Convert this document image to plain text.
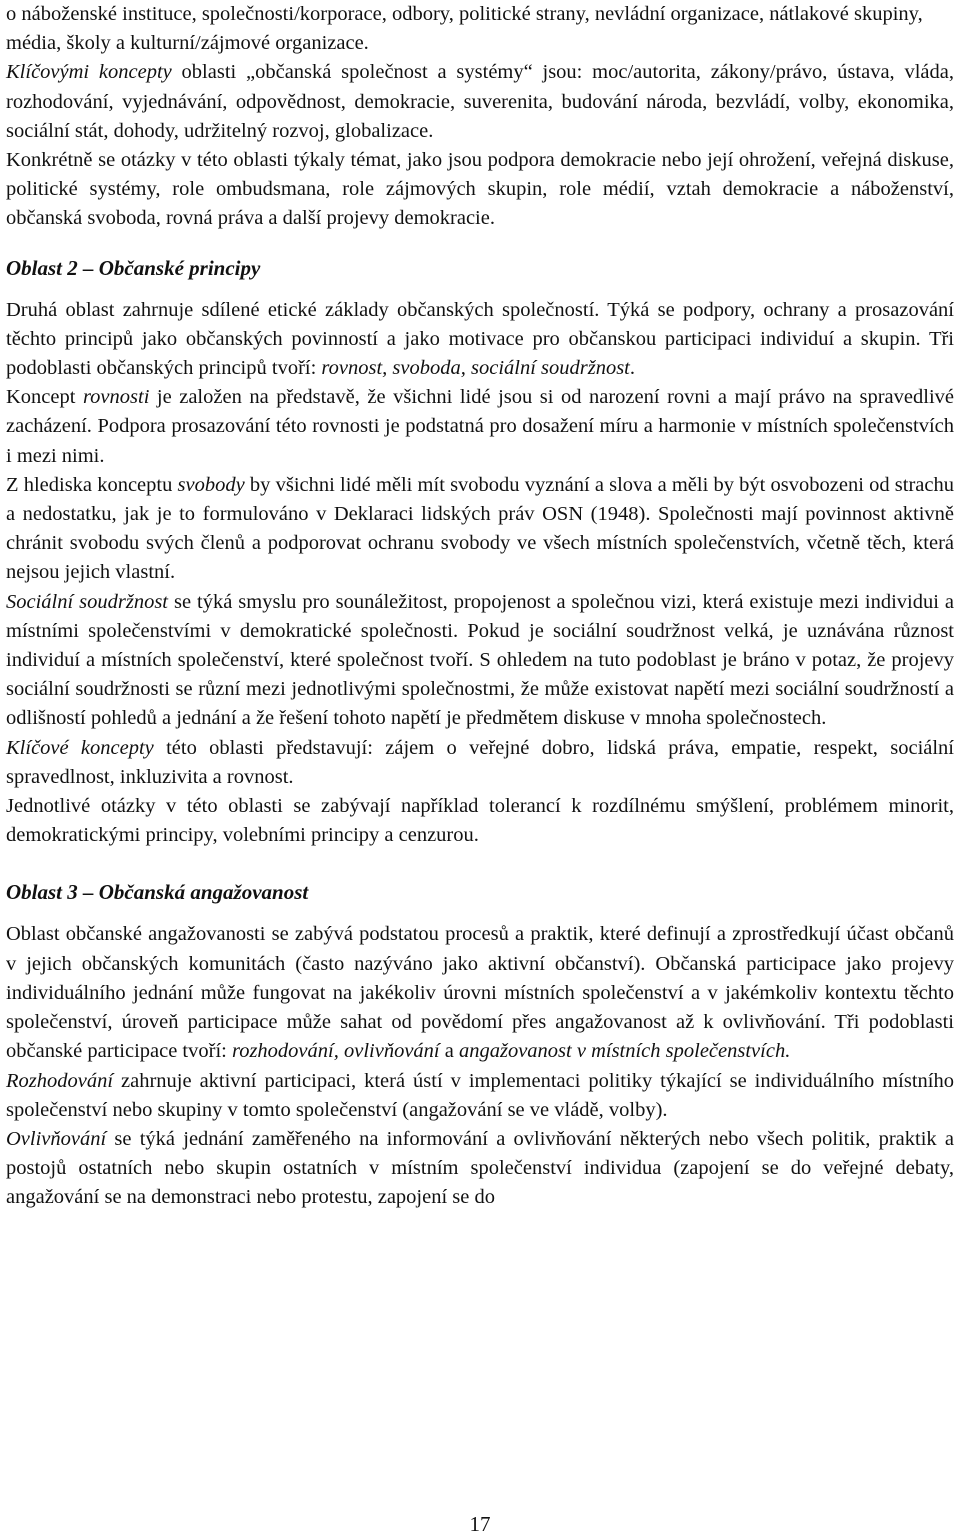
o náboženské instituce, společnosti/korporace, odbory, politické strany, nevládní organizace, nátlakové skupiny, média, školy a kulturní/zájmové organizace.

Klíčovými koncepty oblasti „občanská společnost a systémy“ jsou: moc/autorita, zákony/právo, ústava, vláda, rozhodování, vyjednávání, odpovědnost, demokracie, suverenita, budování národa, bezvládí, volby, ekonomika, sociální stát, dohody, udržitelný rozvoj, globalizace.

Konkrétně se otázky v této oblasti týkaly témat, jako jsou podpora demokracie nebo její ohrožení, veřejná diskuse, politické systémy, role ombudsmana, role zájmových skupin, role médií, vztah demokracie a náboženství, občanská svoboda, rovná práva a další projevy demokracie.

Oblast 2 – Občanské principy

Druhá oblast zahrnuje sdílené etické základy občanských společností. Týká se podpory, ochrany a prosazování těchto principů jako občanských povinností a jako motivace pro občanskou participaci individuí a skupin. Tři podoblasti občanských principů tvoří: rovnost, svoboda, sociální soudržnost.

Koncept rovnosti je založen na představě, že všichni lidé jsou si od narození rovni a mají právo na spravedlivé zacházení. Podpora prosazování této rovnosti je podstatná pro dosažení míru a harmonie v místních společenstvích i mezi nimi.

Z hlediska konceptu svobody by všichni lidé měli mít svobodu vyznání a slova a měli by být osvobozeni od strachu a nedostatku, jak je to formulováno v Deklaraci lidských práv OSN (1948). Společnosti mají povinnost aktivně chránit svobodu svých členů a podporovat ochranu svobody ve všech místních společenstvích, včetně těch, která nejsou jejich vlastní.

Sociální soudržnost se týká smyslu pro sounáležitost, propojenost a společnou vizi, která existuje mezi individui a místními společenstvími v demokratické společnosti. Pokud je sociální soudržnost velká, je uznávána různost individuí a místních společenství, které společnost tvoří. S ohledem na tuto podoblast je bráno v potaz, že projevy sociální soudržnosti se různí mezi jednotlivými společnostmi, že může existovat napětí mezi sociální soudržností a odlišností pohledů a jednání a že řešení tohoto napětí je předmětem diskuse v mnoha společnostech.

Klíčové koncepty této oblasti představují: zájem o veřejné dobro, lidská práva, empatie, respekt, sociální spravedlnost, inkluzivita a rovnost.

Jednotlivé otázky v této oblasti se zabývají například tolerancí k rozdílnému smýšlení, problémem minorit, demokratickými principy, volebními principy a cenzurou.

Oblast 3 – Občanská angažovanost

Oblast občanské angažovanosti se zabývá podstatou procesů a praktik, které definují a zprostředkují účast občanů v jejich občanských komunitách (často nazýváno jako aktivní občanství). Občanská participace jako projevy individuálního jednání může fungovat na jakékoliv úrovni místních společenství a v jakémkoliv kontextu těchto společenství, úroveň participace může sahat od povědomí přes angažovanost až k ovlivňování. Tři podoblasti občanské participace tvoří: rozhodování, ovlivňování a angažovanost v místních společenstvích.

Rozhodování zahrnuje aktivní participaci, která ústí v implementaci politiky týkající se individuálního místního společenství nebo skupiny v tomto společenství (angažování se ve vládě, volby).

Ovlivňování se týká jednání zaměřeného na informování a ovlivňování některých nebo všech politik, praktik a postojů ostatních nebo skupin ostatních v místním společenství individua (zapojení se do veřejné debaty, angažování se na demonstraci nebo protestu, zapojení se do

17
